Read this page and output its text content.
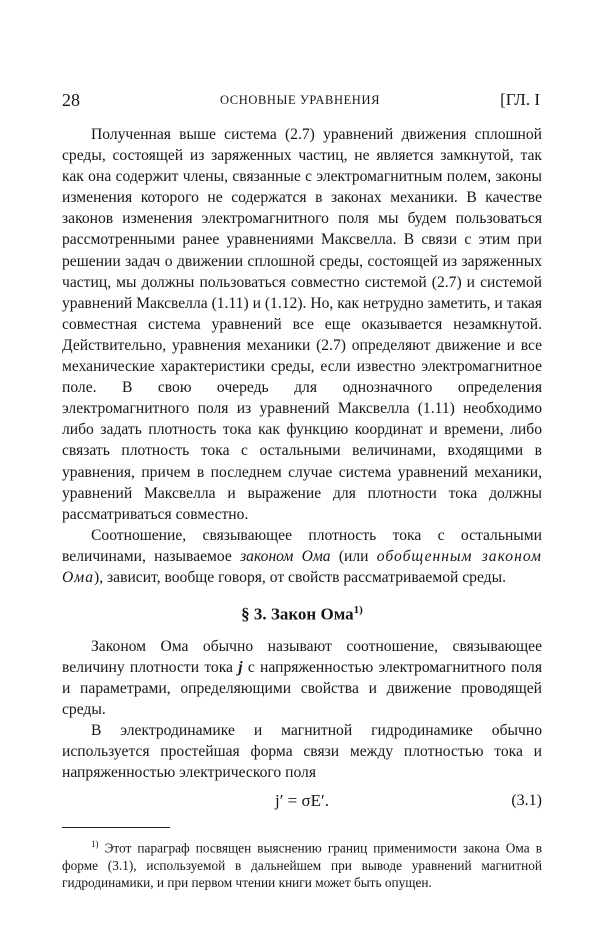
28	ОСНОВНЫЕ УРАВНЕНИЯ	[ГЛ. I

Полученная выше система (2.7) уравнений движения сплошной среды, состоящей из заряженных частиц, не является замкнутой, так как она содержит члены, связанные с электромагнитным полем, законы изменения которого не содержатся в законах механики. В качестве законов изменения электромагнитного поля мы будем пользоваться рассмотренными ранее уравнениями Максвелла. В связи с этим при решении задач о движении сплошной среды, состоящей из заряженных частиц, мы должны пользоваться совместно системой (2.7) и системой уравнений Максвелла (1.11) и (1.12). Но, как нетрудно заметить, и такая совместная система уравнений все еще оказывается незамкнутой. Действительно, уравнения механики (2.7) определяют движение и все механические характеристики среды, если известно электромагнитное поле. В свою очередь для однозначного определения электромагнитного поля из уравнений Максвелла (1.11) необходимо либо задать плотность тока как функцию координат и времени, либо связать плотность тока с остальными величинами, входящими в уравнения, причем в последнем случае система уравнений механики, уравнений Максвелла и выражение для плотности тока должны рассматриваться совместно.

Соотношение, связывающее плотность тока с остальными величинами, называемое законом Ома (или обобщенным законом Ома), зависит, вообще говоря, от свойств рассматриваемой среды.

§ 3. Закон Ома$^{1)}$

Законом Ома обычно называют соотношение, связывающее величину плотности тока j с напряженностью электромагнитного поля и параметрами, определяющими свойства и движение проводящей среды.

В электродинамике и магнитной гидродинамике обычно используется простейшая форма связи между плотностью тока и напряженностью электрического поля

j′ = σE′.	(3.1)

$^{1)}$ Этот параграф посвящен выяснению границ применимости закона Ома в форме (3.1), используемой в дальнейшем при выводе уравнений магнитной гидродинамики, и при первом чтении книги может быть опущен.
